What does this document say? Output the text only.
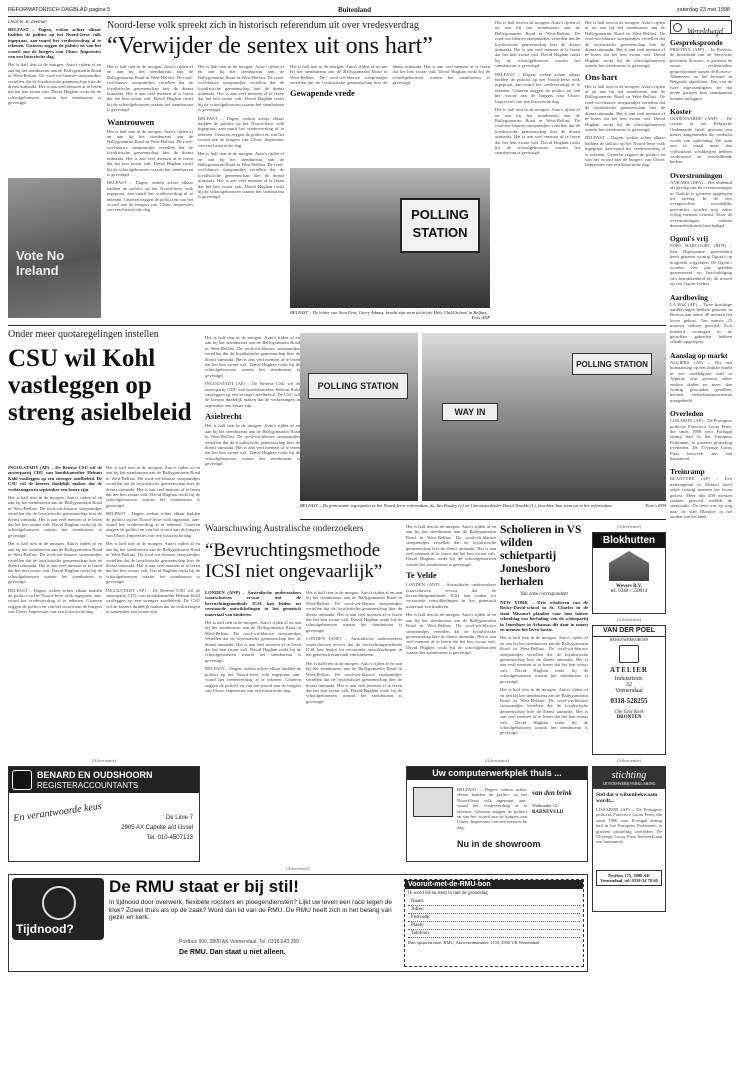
REFORMATORISCH DAGBLAD pagina 5	Buitenland	zaterdag 23 mei 1998
Door R. R. Zeeman
BELFAST – Dagen, weken achter elkaar hadden de politici op het Noord-Ierse volk ingepraat, aan-vuurd het vredesverdrag al te tekenen. Gisteren zeggen de politici en van het woord aan de burgers van Ulster. Impressies van een historische dag.
Het is half tien in de morgen. Auto's rijden af en aan bij het stembureau aan de Ballygomartin Road in West-Belfast. De rood-wit-blauwe stoeprandjes vertellen dat de loyalistische gemeenschap hier de dienst uitmaakt. Het is aan veel mensen af te lezen dat het hen zwaar valt. David Hughan rookt bij de schoolgebouwen waarin het stembureau is gevestigd.
Vote No Ireland
Noord-Ierse volk spreekt zich in historisch referendum uit over vredesverdrag
“Verwijder de sentex uit ons hart”
Het is half tien in de morgen. Auto's rijden af en aan bij het stembureau aan de Ballygomartin Road in West-Belfast. De rood-wit-blauwe stoeprandjes vertellen dat de loyalistische gemeenschap hier de dienst uitmaakt. Het is aan veel mensen af te lezen dat het hen zwaar valt. David Hughan rookt bij de schoolgebouwen waarin het stembureau is gevestigd.
Wantrouwen
Het is half tien in de morgen. Auto's rijden af en aan bij het stembureau aan de Ballygomartin Road in West-Belfast. De rood-wit-blauwe stoeprandjes vertellen dat de loyalistische gemeenschap hier de dienst uitmaakt. Het is aan veel mensen af te lezen dat het hen zwaar valt. David Hughan rookt bij de schoolgebouwen waarin het stembureau is gevestigd.
BELFAST – Dagen, weken achter elkaar hadden de politici op het Noord-Ierse volk ingepraat, aan-vuurd het vredesverdrag al te tekenen. Gisteren zeggen de politici en van het woord aan de burgers van Ulster. Impressies van een historische dag.
Het is half tien in de morgen. Auto's rijden af en aan bij het stembureau aan de Ballygomartin Road in West-Belfast. De rood-wit-blauwe stoeprandjes vertellen dat de loyalistische gemeenschap hier de dienst uitmaakt. Het is aan veel mensen af te lezen dat het hen zwaar valt. David Hughan rookt bij de schoolgebouwen waarin het stembureau is gevestigd.
BELFAST – Dagen, weken achter elkaar hadden de politici op het Noord-Ierse volk ingepraat, aan-vuurd het vredesverdrag al te tekenen. Gisteren zeggen de politici en van het woord aan de burgers van Ulster. Impressies van een historische dag.
Het is half tien in de morgen. Auto's rijden af en aan bij het stembureau aan de Ballygomartin Road in West-Belfast. De rood-wit-blauwe stoeprandjes vertellen dat de loyalistische gemeenschap hier de dienst uitmaakt. Het is aan veel mensen af te lezen dat het hen zwaar valt. David Hughan rookt bij de schoolgebouwen waarin het stembureau is gevestigd.
Het is half tien in de morgen. Auto's rijden af en aan bij het stembureau aan de Ballygomartin Road in West-Belfast. De rood-wit-blauwe stoeprandjes vertellen dat de loyalistische gemeenschap hier de dienst uitmaakt. Het is aan veel mensen af te lezen dat het hen zwaar valt. David Hughan rookt bij de schoolgebouwen waarin het stembureau is gevestigd.
Gewapende vrede
POLLING STATION
BELFAST – De leider van Sinn Fein, Gerry Adams, bracht zijn stem uit bij de Holy Child School in Belfast.
Foto ANP
Het is half tien in de morgen. Auto's rijden af en aan bij het stembureau aan de Ballygomartin Road in West-Belfast. De rood-wit-blauwe stoeprandjes vertellen dat de loyalistische gemeenschap hier de dienst uitmaakt. Het is aan veel mensen af te lezen dat het hen zwaar valt. David Hughan rookt bij de schoolgebouwen waarin het stembureau is gevestigd.
BELFAST – Dagen, weken achter elkaar hadden de politici op het Noord-Ierse volk ingepraat, aan-vuurd het vredesverdrag al te tekenen. Gisteren zeggen de politici en van het woord aan de burgers van Ulster. Impressies van een historische dag.
Het is half tien in de morgen. Auto's rijden af en aan bij het stembureau aan de Ballygomartin Road in West-Belfast. De rood-wit-blauwe stoeprandjes vertellen dat de loyalistische gemeenschap hier de dienst uitmaakt. Het is aan veel mensen af te lezen dat het hen zwaar valt. David Hughan rookt bij de schoolgebouwen waarin het stembureau is gevestigd.
Het is half tien in de morgen. Auto's rijden af en aan bij het stembureau aan de Ballygomartin Road in West-Belfast. De rood-wit-blauwe stoeprandjes vertellen dat de loyalistische gemeenschap hier de dienst uitmaakt. Het is aan veel mensen af te lezen dat het hen zwaar valt. David Hughan rookt bij de schoolgebouwen waarin het stembureau is gevestigd.
Ons hart
Het is half tien in de morgen. Auto's rijden af en aan bij het stembureau aan de Ballygomartin Road in West-Belfast. De rood-wit-blauwe stoeprandjes vertellen dat de loyalistische gemeenschap hier de dienst uitmaakt. Het is aan veel mensen af te lezen dat het hen zwaar valt. David Hughan rookt bij de schoolgebouwen waarin het stembureau is gevestigd.
BELFAST – Dagen, weken achter elkaar hadden de politici op het Noord-Ierse volk ingepraat, aan-vuurd het vredesverdrag al te tekenen. Gisteren zeggen de politici en van het woord aan de burgers van Ulster. Impressies van een historische dag.
Wereldwijd
Gesprekspronde
PRISTINA (AFP) – In Pristina, de hoofdstad van de Servische provincie Kosovo, is gisteren de eerste rechtstreekse gespreksronde tussen de Kosovo-Albanezen en het bewind in Belgrado afgesloten. Een van de twee afgevaardigden zei dat beide partijen hun standpunten konden uitleggen.
Koster
OUDENAARDE (ANP) – De cricket in het Belgische Oudenaarde heeft gisteren een koster aangehouden die verdacht wordt van oplichting. De man zou in totaal meer dan vijfhonderd schilderijen hebben verduisterd uit verschillende kerken.
Overstromingen
ANKARA (DPA) – Het dodental als gevolg van de overstromingen in Turkije is gisteren opgelopen tot tachtig. In de vier overgetroffen noordelijke provincies worden nog zeker vijftig mensen vermist. Door de overstromingen raakten duizenden huizen beschadigd.
Ogoni's vrij
PORT HARCOURT (RTR) – Een Nigeriaanse gerechtshof heeft gisteren twintig Ogoni's op borgtocht vrijgelaten. De Ogoni's worden vier jaar geleden gearresteerd op beschuldiging van betrokkenheid bij de moord op vier Ogoni-leiders.
Aardbeving
LA PAZ (AP) – Twee krachtige aardbevingen hebben gisteren in Bolivia aan zeker 48 mensen het leven gekost. Ten minste 35 mensen raakten gewond. Zo'n honderd woningen in de getroffen gebieden hebben schade opgelopen.
Aanslag op markt
ALGIERS (AP) – Bij een bomaanslag op een drukke markt in een middelgrote stad in Algerije zijn gisteren zeker zestien doden en meer dan twintig gewonden gevallen, hebben ziekenhuisautoriteiten meegedeeld.
Overleden
LISSABON (AP) – De Portugese politicus Francisco Lucas Pires, die sinds 1986 voor Portugal zitting had in het Europees Parlement, is gisteren plotseling overleden. De 53-jarige Lucas Pires bezweek aan een hartaanval.
Treinramp
BLANTYRE (AP) – Een treinongeluk in Malawi heeft zeker twintig mensen het leven gekost. Meer dan 200 mensen raakten gewond, meldde de staatsradio. De trein was op weg naar de stad Blantyre in het zuiden van het land.
Onder meer quotaregelingen instellen
CSU wil Kohl vastleggen op streng asielbeleid
INGOLSTADT (AP) – De Beierse CSU wil de zusterpartij CDU van bondskanselier Helmut Kohl vastleggen op een strenger asielbeleid. De CSU wil de kiezers duidelijk maken dat de verkiezingen in september een keuze zijn.
Het is half tien in de morgen. Auto's rijden af en aan bij het stembureau aan de Ballygomartin Road in West-Belfast. De rood-wit-blauwe stoeprandjes vertellen dat de loyalistische gemeenschap hier de dienst uitmaakt. Het is aan veel mensen af te lezen dat het hen zwaar valt. David Hughan rookt bij de schoolgebouwen waarin het stembureau is gevestigd.
Het is half tien in de morgen. Auto's rijden af en aan bij het stembureau aan de Ballygomartin Road in West-Belfast. De rood-wit-blauwe stoeprandjes vertellen dat de loyalistische gemeenschap hier de dienst uitmaakt. Het is aan veel mensen af te lezen dat het hen zwaar valt. David Hughan rookt bij de schoolgebouwen waarin het stembureau is gevestigd.
BELFAST – Dagen, weken achter elkaar hadden de politici op het Noord-Ierse volk ingepraat, aan-vuurd het vredesverdrag al te tekenen. Gisteren zeggen de politici en van het woord aan de burgers van Ulster. Impressies van een historische dag.
Het is half tien in de morgen. Auto's rijden af en aan bij het stembureau aan de Ballygomartin Road in West-Belfast. De rood-wit-blauwe stoeprandjes vertellen dat de loyalistische gemeenschap hier de dienst uitmaakt. Het is aan veel mensen af te lezen dat het hen zwaar valt. David Hughan rookt bij de schoolgebouwen waarin het stembureau is gevestigd.
BELFAST – Dagen, weken achter elkaar hadden de politici op het Noord-Ierse volk ingepraat, aan-vuurd het vredesverdrag al te tekenen. Gisteren zeggen de politici en van het woord aan de burgers van Ulster. Impressies van een historische dag.
Het is half tien in de morgen. Auto's rijden af en aan bij het stembureau aan de Ballygomartin Road in West-Belfast. De rood-wit-blauwe stoeprandjes vertellen dat de loyalistische gemeenschap hier de dienst uitmaakt. Het is aan veel mensen af te lezen dat het hen zwaar valt. David Hughan rookt bij de schoolgebouwen waarin het stembureau is gevestigd.
INGOLSTADT (AP) – De Beierse CSU wil de zusterpartij CDU van bondskanselier Helmut Kohl vastleggen op een strenger asielbeleid. De CSU wil de kiezers duidelijk maken dat de verkiezingen in september een keuze zijn.
Het is half tien in de morgen. Auto's rijden af en aan bij het stembureau aan de Ballygomartin Road in West-Belfast. De rood-wit-blauwe stoeprandjes vertellen dat de loyalistische gemeenschap hier de dienst uitmaakt. Het is aan veel mensen af te lezen dat het hen zwaar valt. David Hughan rookt bij de schoolgebouwen waarin het stembureau is gevestigd.
INGOLSTADT (AP) – De Beierse CSU wil de zusterpartij CDU van bondskanselier Helmut Kohl vastleggen op een strenger asielbeleid. De CSU wil de kiezers duidelijk maken dat de verkiezingen in september een keuze zijn.
Asielrecht
Het is half tien in de morgen. Auto's rijden af en aan bij het stembureau aan de Ballygomartin Road in West-Belfast. De rood-wit-blauwe stoeprandjes vertellen dat de loyalistische gemeenschap hier de dienst uitmaakt. Het is aan veel mensen af te lezen dat het hen zwaar valt. David Hughan rookt bij de schoolgebouwen waarin het stembureau is gevestigd.
POLLING STATION
WAY IN
POLLING STATION
BELFAST – De protestante tegenpolen in het Noord-Ierse referendum, ds. Ian Paisley (r.) en Unionistenleider David Trimble (l.), brachten hun stem uit in het referendum.	Foto's EPA
Waarschuwing Australische onderzoekers
“Bevruchtingsmethode ICSI niet ongevaarlijk”
LONDEN (ANP) – Australische onderzoekers waarschuwen ervoor dat de bevruchtingsmethode ICSI kan leiden tot verstoorde ontwikkelingen in het genetisch materiaal van kinderen.
Het is half tien in de morgen. Auto's rijden af en aan bij het stembureau aan de Ballygomartin Road in West-Belfast. De rood-wit-blauwe stoeprandjes vertellen dat de loyalistische gemeenschap hier de dienst uitmaakt. Het is aan veel mensen af te lezen dat het hen zwaar valt. David Hughan rookt bij de schoolgebouwen waarin het stembureau is gevestigd.
BELFAST – Dagen, weken achter elkaar hadden de politici op het Noord-Ierse volk ingepraat, aan-vuurd het vredesverdrag al te tekenen. Gisteren zeggen de politici en van het woord aan de burgers van Ulster. Impressies van een historische dag.
Het is half tien in de morgen. Auto's rijden af en aan bij het stembureau aan de Ballygomartin Road in West-Belfast. De rood-wit-blauwe stoeprandjes vertellen dat de loyalistische gemeenschap hier de dienst uitmaakt. Het is aan veel mensen af te lezen dat het hen zwaar valt. David Hughan rookt bij de schoolgebouwen waarin het stembureau is gevestigd.
LONDEN (ANP) – Australische onderzoekers waarschuwen ervoor dat de bevruchtingsmethode ICSI kan leiden tot verstoorde ontwikkelingen in het genetisch materiaal van kinderen.
Het is half tien in de morgen. Auto's rijden af en aan bij het stembureau aan de Ballygomartin Road in West-Belfast. De rood-wit-blauwe stoeprandjes vertellen dat de loyalistische gemeenschap hier de dienst uitmaakt. Het is aan veel mensen af te lezen dat het hen zwaar valt. David Hughan rookt bij de schoolgebouwen waarin het stembureau is gevestigd.
Het is half tien in de morgen. Auto's rijden af en aan bij het stembureau aan de Ballygomartin Road in West-Belfast. De rood-wit-blauwe stoeprandjes vertellen dat de loyalistische gemeenschap hier de dienst uitmaakt. Het is aan veel mensen af te lezen dat het hen zwaar valt. David Hughan rookt bij de schoolgebouwen waarin het stembureau is gevestigd.
Te Velde
LONDEN (ANP) – Australische onderzoekers waarschuwen ervoor dat de bevruchtingsmethode ICSI kan leiden tot verstoorde ontwikkelingen in het genetisch materiaal van kinderen.
Het is half tien in de morgen. Auto's rijden af en aan bij het stembureau aan de Ballygomartin Road in West-Belfast. De rood-wit-blauwe stoeprandjes vertellen dat de loyalistische gemeenschap hier de dienst uitmaakt. Het is aan veel mensen af te lezen dat het hen zwaar valt. David Hughan rookt bij de schoolgebouwen waarin het stembureau is gevestigd.
Scholieren in VS wilden schietpartij Jonesboro herhalen
Van onze correspondent
NEW YORK – Drie scholieren van de Becky-David-school in St. Charles in de staat Missouri planden voor hun laatste schooldag een herhaling van de schietpartij in Jonesboro in Arkansas die daar in maart en mensen het leven kostte.
Het is half tien in de morgen. Auto's rijden af en aan bij het stembureau aan de Ballygomartin Road in West-Belfast. De rood-wit-blauwe stoeprandjes vertellen dat de loyalistische gemeenschap hier de dienst uitmaakt. Het is aan veel mensen af te lezen dat het hen zwaar valt. David Hughan rookt bij de schoolgebouwen waarin het stembureau is gevestigd.
Het is half tien in de morgen. Auto's rijden af en aan bij het stembureau aan de Ballygomartin Road in West-Belfast. De rood-wit-blauwe stoeprandjes vertellen dat de loyalistische gemeenschap hier de dienst uitmaakt. Het is aan veel mensen af te lezen dat het hen zwaar valt. David Hughan rookt bij de schoolgebouwen waarin het stembureau is gevestigd.
(Advertentie)
Blokhutten
Wevers B.V.
tel. 0348 - 558914
(Advertentie)
VAN DER POEL
REKENWERKGROEP
ATELIER
Industriestr.
32
Veenendaal
0318-528255
Che Gret Kerk
DRONTEN
(Advertentie)
BENARD EN OUDSHOORN
REGISTERACCOUNTANTS
En verantwoorde keus	De Linie 7
2905 AX Capelle a/d IJssel
Tel. 010-4507123
(Advertentie)
Uw computerwerkplek thuis ...
BELFAST – Dagen, weken achter elkaar hadden de politici op het Noord-Ierse volk ingepraat, aan-vuurd het vredesverdrag al te tekenen. Gisteren zeggen de politici en van het woord aan de burgers van Ulster. Impressies van een historische dag.
van den brink
Wethouder 12
BARNEVELD
Nu in de showroom
(Advertentie)
stichting
LEVENSWERKVERKLARING
Stel dat u wilsonbekwaam wordt...
LISSABON (AP) – De Portugese politicus Francisco Lucas Pires, die sinds 1986 voor Portugal zitting had in het Europees Parlement, is gisteren plotseling overleden. De 53-jarige Lucas Pires bezweek aan een hartaanval.
Postbus 175, 3900 AD Veenendaal, tel. 0318-54 78 60
(Advertentie)
Tijdnood?
De RMU staat er bij stil!
In tijdnood door overwerk, flexibele roosters en ploegendiensten? Lijkt uw leven een race tegen de klok? Zowel thuis als op de zaak? Word dan lid van de RMU. De RMU heeft zich in het belang van gezin en kerk.
Postbus 900, 3800 AX Veenendaal. Tel. 0318-543 350
De RMU. Dan staat u niet alleen.
Vooruit-met-de-RMU-bon
Ik word lid en stem in met de grondslag
Naam:
Adres:
Postcode:
Plaats:
Telefoon:
Bon opsturen naar: RMU, Antwoordnummer 1139, 3900 VB Veenendaal
